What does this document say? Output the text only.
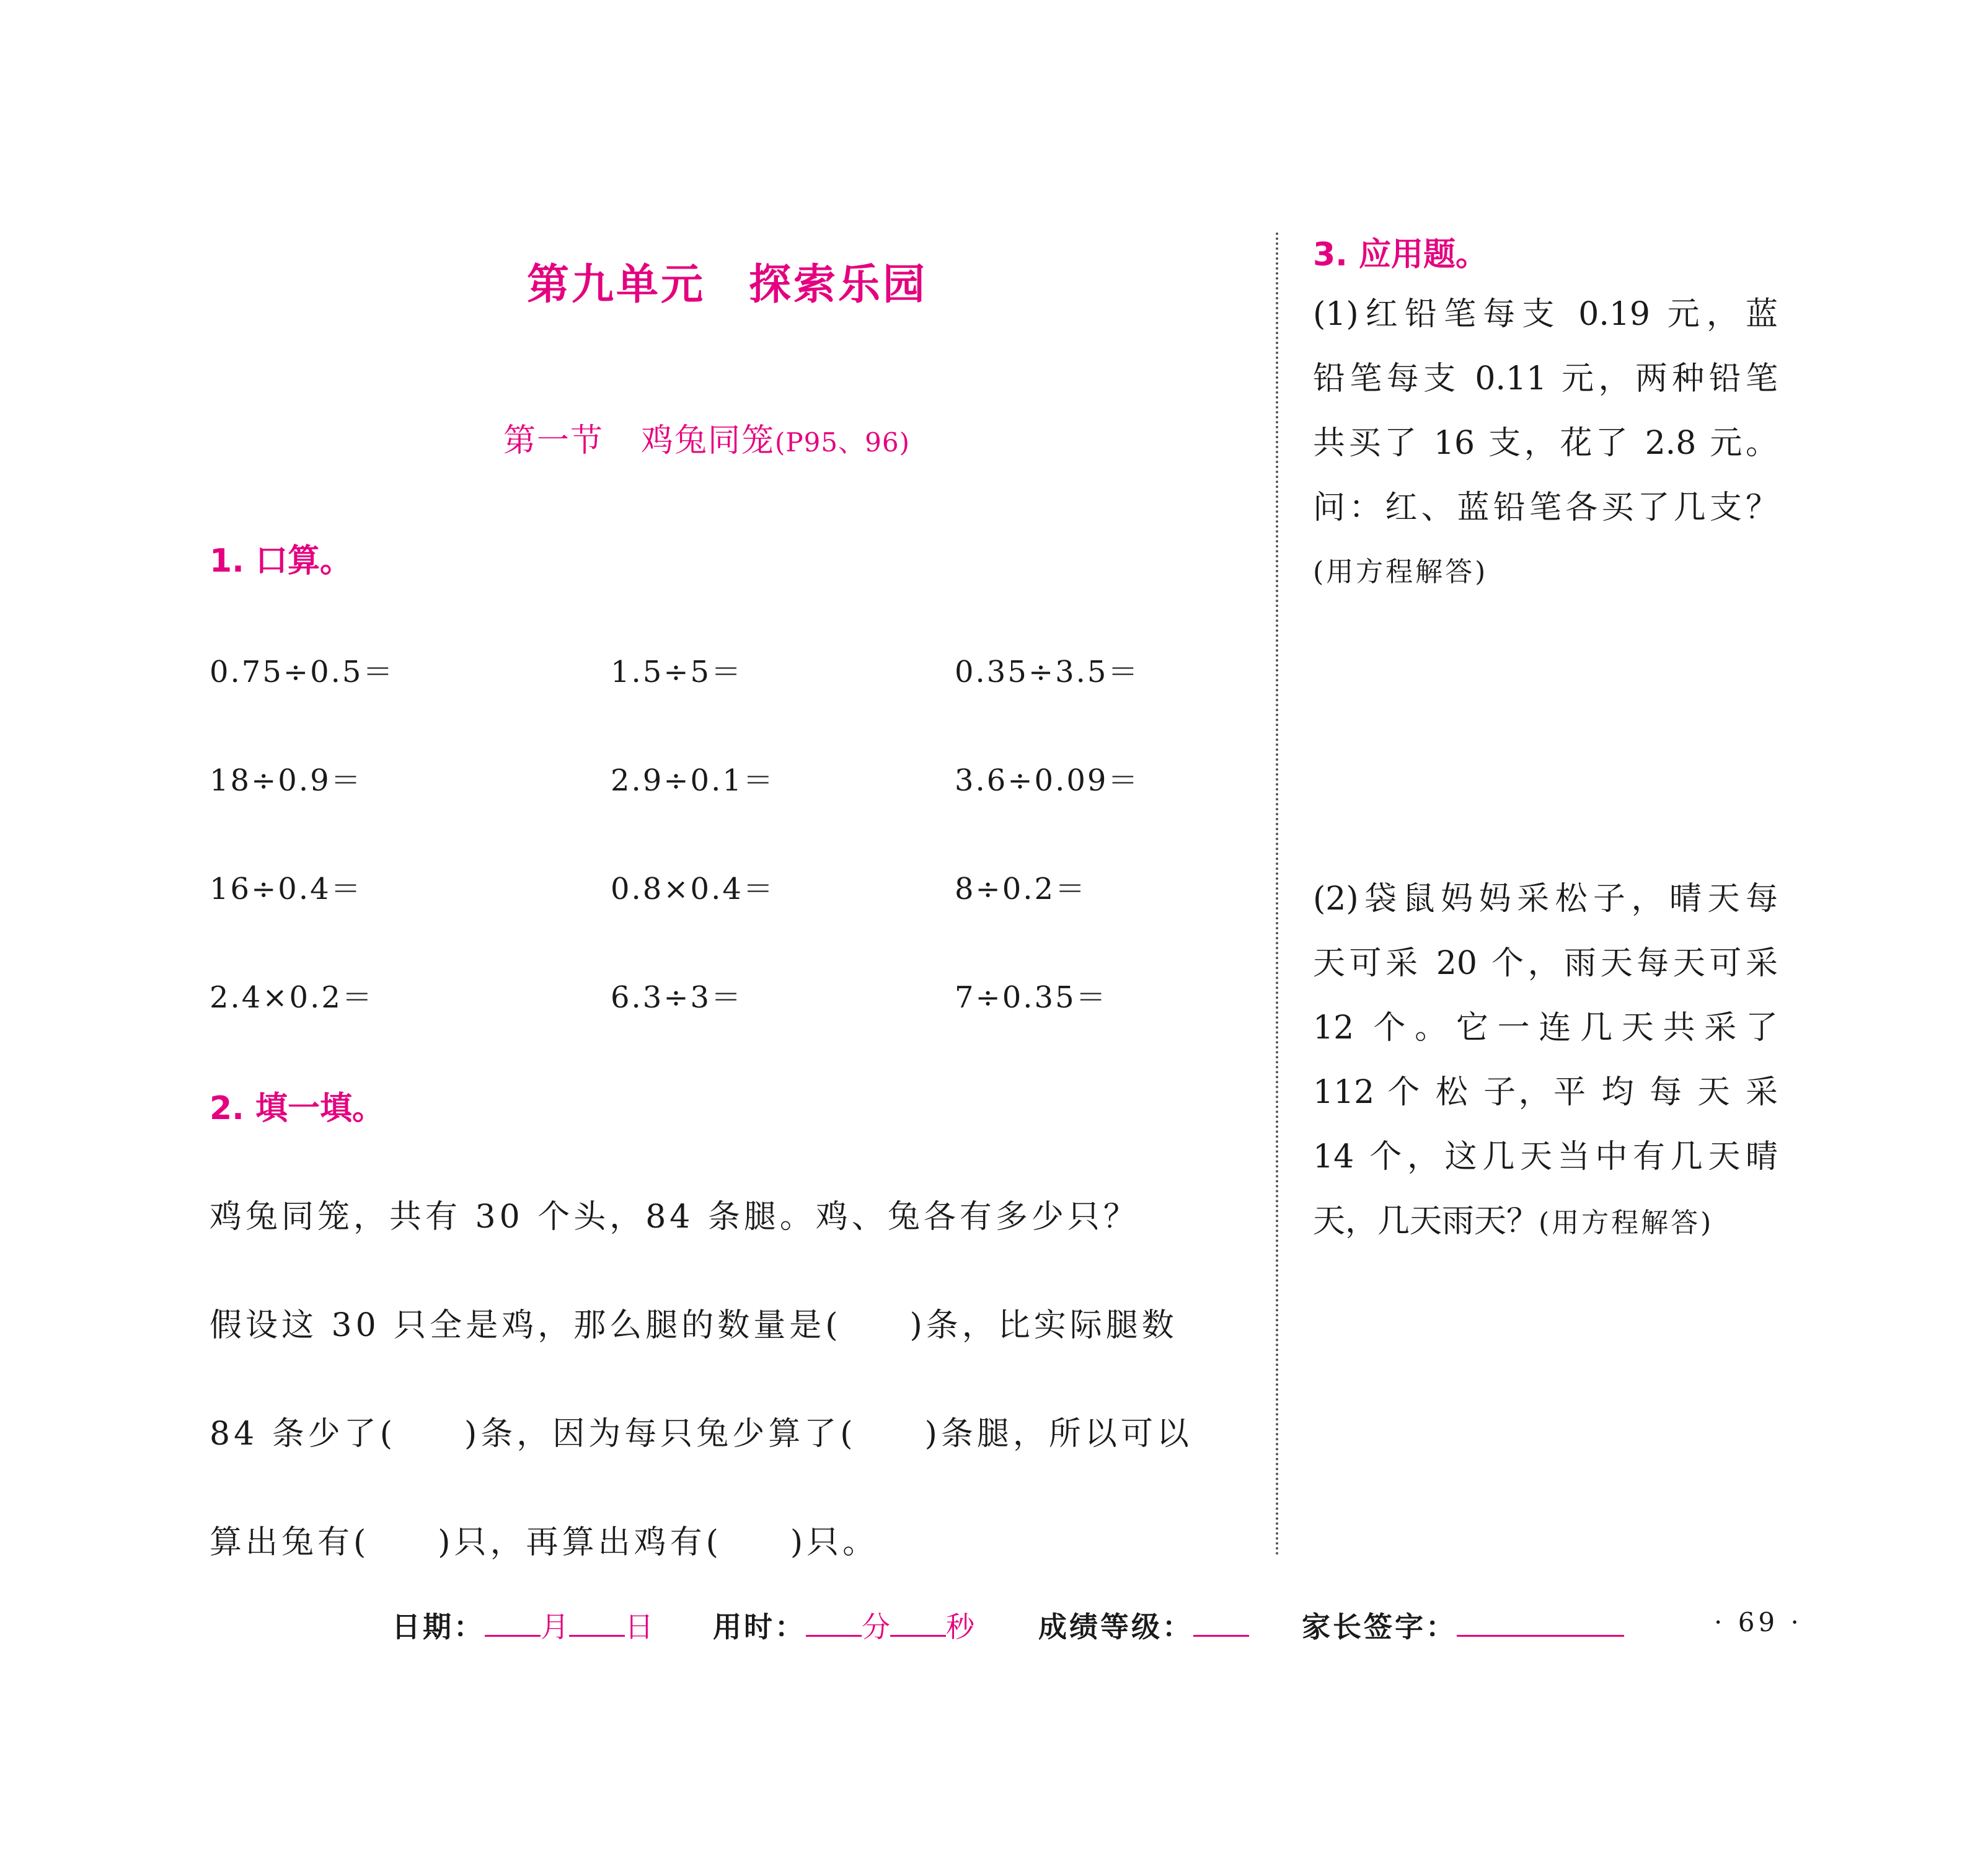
第九单元 探索乐园
第一节 鸡兔同笼(P95、96)
1. 口算。
0.75÷0.5＝	1.5÷5＝	0.35÷3.5＝
18÷0.9＝	2.9÷0.1＝	3.6÷0.09＝
16÷0.4＝	0.8×0.4＝	8÷0.2＝
2.4×0.2＝	6.3÷3＝	7÷0.35＝
2. 填一填。
鸡兔同笼，共有 30 个头，84 条腿。鸡、兔各有多少只？
假设这 30 只全是鸡，那么腿的数量是( )条，比实际腿数
84 条少了( )条，因为每只兔少算了( )条腿，所以可以
算出兔有( )只，再算出鸡有( )只。
3. 应用题。
(1)红铅笔每支 0.19 元，蓝
铅笔每支 0.11 元，两种铅笔
共买了 16 支，花了 2.8 元。
问：红、蓝铅笔各买了几支？
(用方程解答)
(2)袋鼠妈妈采松子，晴天每
天可采 20 个，雨天每天可采
12 个。它一连几天共采了
112 个 松 子，平 均 每 天 采
14 个，这几天当中有几天晴
天，几天雨天？(用方程解答)
日期： 月 日 用时： 分 秒 成绩等级：	家长签字：	· 69 ·
